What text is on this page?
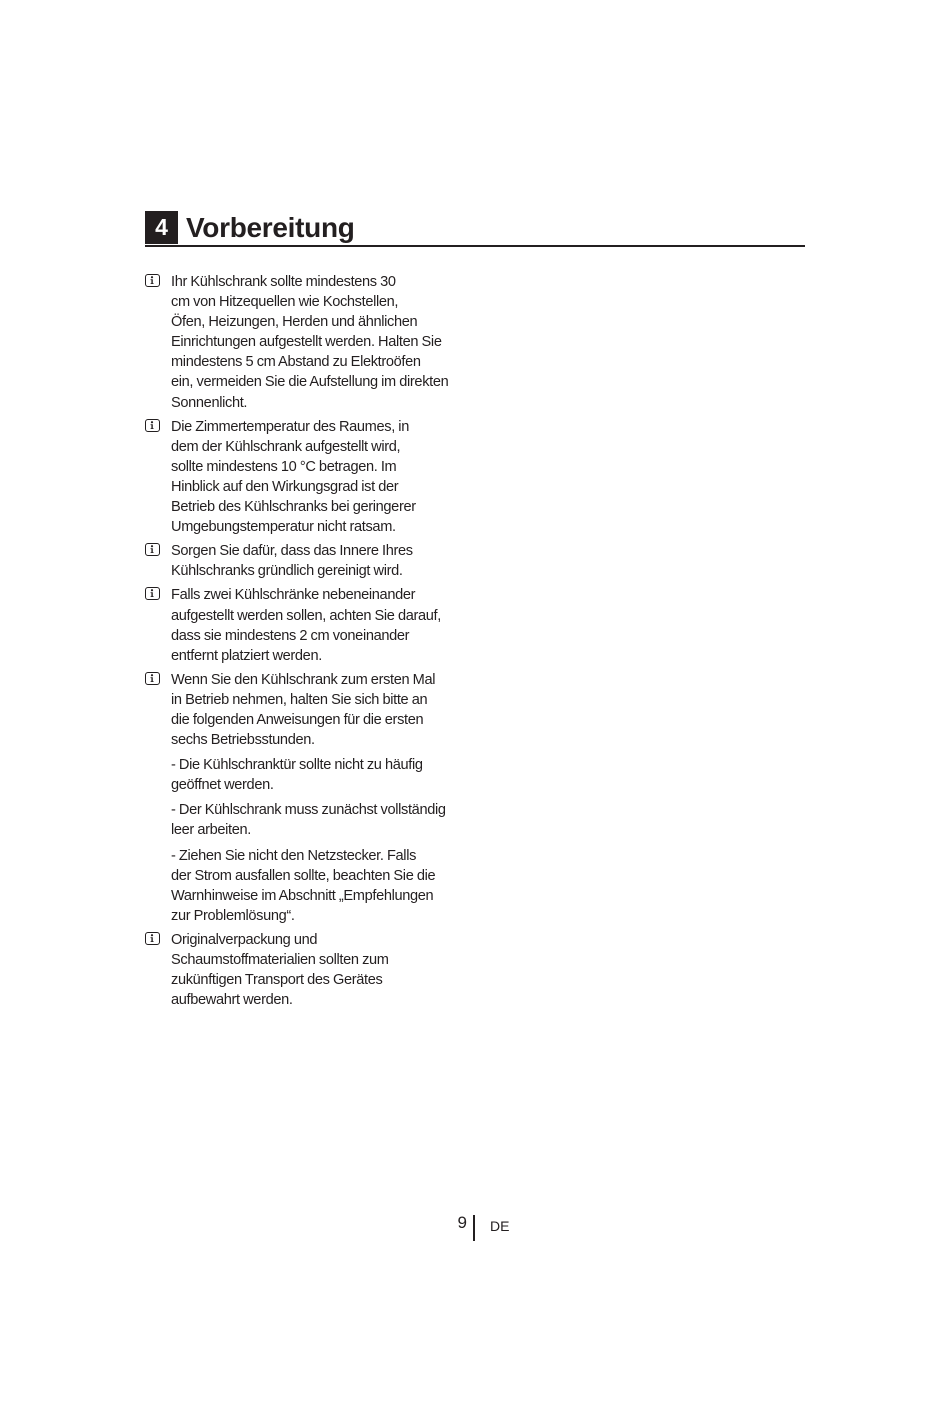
4 Vorbereitung

Ihr Kühlschrank sollte mindestens 30
cm von Hitzequellen wie Kochstellen,
Öfen, Heizungen, Herden und ähnlichen
Einrichtungen aufgestellt werden. Halten Sie
mindestens 5 cm Abstand zu Elektroöfen
ein, vermeiden Sie die Aufstellung im direkten
Sonnenlicht.

Die Zimmertemperatur des Raumes, in
dem der Kühlschrank aufgestellt wird,
sollte mindestens 10 °C betragen. Im
Hinblick auf den Wirkungsgrad ist der
Betrieb des Kühlschranks bei geringerer
Umgebungstemperatur nicht ratsam.

Sorgen Sie dafür, dass das Innere Ihres
Kühlschranks gründlich gereinigt wird.

Falls zwei Kühlschränke nebeneinander
aufgestellt werden sollen, achten Sie darauf,
dass sie mindestens 2 cm voneinander
entfernt platziert werden.

Wenn Sie den Kühlschrank zum ersten Mal
in Betrieb nehmen, halten Sie sich bitte an
die folgenden Anweisungen für die ersten
sechs Betriebsstunden.

- Die Kühlschranktür sollte nicht zu häufig
geöffnet werden.

- Der Kühlschrank muss zunächst vollständig
leer arbeiten.

- Ziehen Sie nicht den Netzstecker. Falls
der Strom ausfallen sollte, beachten Sie die
Warnhinweise im Abschnitt „Empfehlungen
zur Problemlösung“.

Originalverpackung und
Schaumstoffmaterialien sollten zum
zukünftigen Transport des Gerätes
aufbewahrt werden.

9 DE
